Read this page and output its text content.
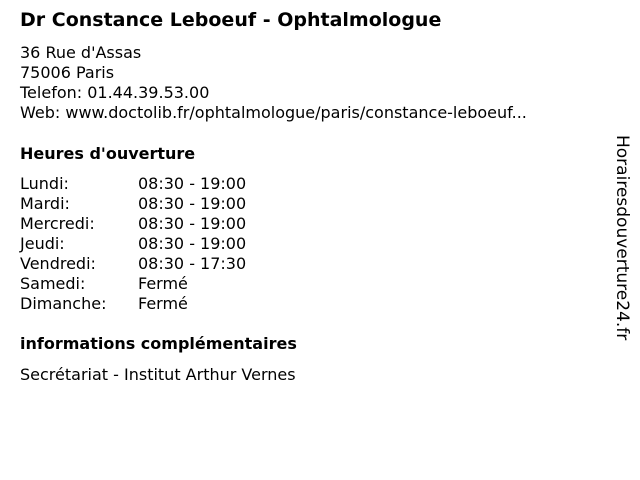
Dr Constance Leboeuf - Ophtalmologue
36 Rue d'Assas
75006 Paris
Telefon: 01.44.39.53.00
Web: www.doctolib.fr/ophtalmologue/paris/constance-leboeuf...
Heures d'ouverture
Lundi:	08:30 - 19:00
Mardi:	08:30 - 19:00
Mercredi:	08:30 - 19:00
Jeudi:	08:30 - 19:00
Vendredi:	08:30 - 17:30
Samedi:	Fermé
Dimanche: Fermé
informations complémentaires
Secrétariat - Institut Arthur Vernes
Horairesdouverture24.fr
